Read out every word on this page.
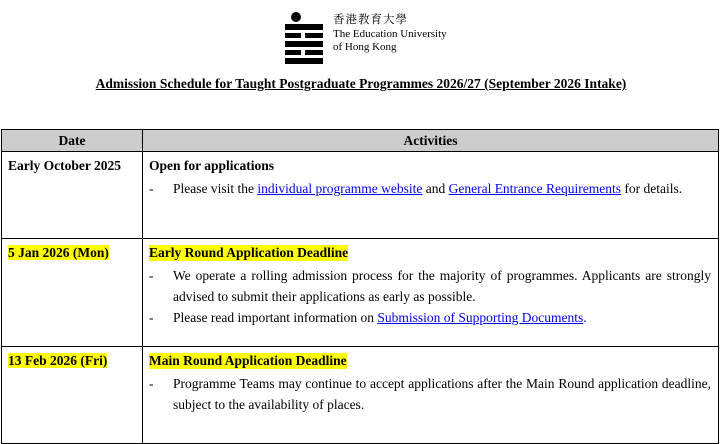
香港教育大學
The Education University
of Hong Kong
Admission Schedule for Taught Postgraduate Programmes 2026/27 (September 2026 Intake)
Date	Activities
Early October 2025	Open for applications
- Please visit the individual programme website and General Entrance Requirements for details.

5 Jan 2026 (Mon)	Early Round Application Deadline
- We operate a rolling admission process for the majority of programmes. Applicants are strongly advised to submit their applications as early as possible.
- Please read important information on Submission of Supporting Documents.

13 Feb 2026 (Fri)	Main Round Application Deadline
- Programme Teams may continue to accept applications after the Main Round application deadline, subject to the availability of places.
